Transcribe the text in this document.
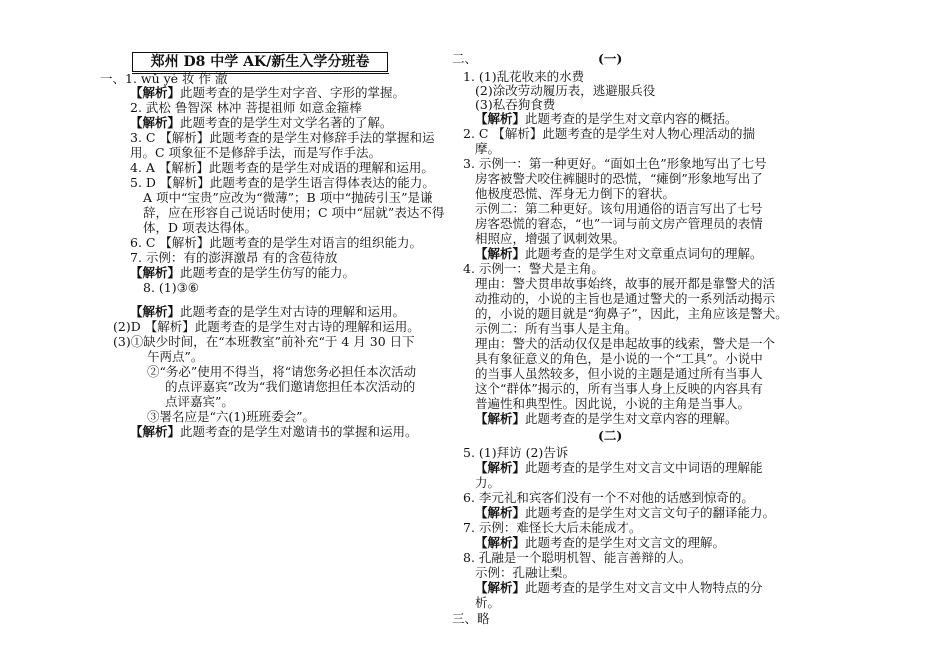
郑州 D8 中学 AK/新生入学分班卷
一、1. wǔ yè 妆 作 澈
【解析】此题考查的是学生对字音、字形的掌握。
2. 武松 鲁智深 林冲 菩提祖师 如意金箍棒
【解析】此题考查的是学生对文学名著的了解。
3. C 【解析】此题考查的是学生对修辞手法的掌握和运
用。C 项象征不是修辞手法，而是写作手法。
4. A 【解析】此题考查的是学生对成语的理解和运用。
5. D 【解析】此题考查的是学生语言得体表达的能力。
A 项中“宝贵”应改为“微薄”；B 项中“抛砖引玉”是谦
辞，应在形容自己说话时使用；C 项中“屈就”表达不得
体，D 项表达得体。
6. C 【解析】此题考查的是学生对语言的组织能力。
7. 示例：有的澎湃激昂 有的含苞待放
【解析】此题考查的是学生仿写的能力。
8. (1)③⑥
【解析】此题考查的是学生对古诗的理解和运用。
(2)D 【解析】此题考查的是学生对古诗的理解和运用。
(3)①缺少时间，在“本班教室”前补充“于 4 月 30 日下
午两点”。
②“务必”使用不得当，将“请您务必担任本次活动
的点评嘉宾”改为“我们邀请您担任本次活动的
点评嘉宾”。
③署名应是“六(1)班班委会”。
【解析】此题考查的是学生对邀请书的掌握和运用。
二、	(一)
1. (1)乱花收来的水费
(2)涂改劳动履历表，逃避服兵役
(3)私吞狗食费
【解析】此题考查的是学生对文章内容的概括。
2. C 【解析】此题考查的是学生对人物心理活动的揣
摩。
3. 示例一：第一种更好。“面如土色”形象地写出了七号
房客被警犬咬住裤腿时的恐慌，“瘫倒”形象地写出了
他极度恐慌、浑身无力倒下的窘状。
示例二：第二种更好。该句用通俗的语言写出了七号
房客恐慌的窘态，“也”一词与前文房产管理员的表情
相照应，增强了讽刺效果。
【解析】此题考查的是学生对文章重点词句的理解。
4. 示例一：警犬是主角。
理由：警犬贯串故事始终，故事的展开都是靠警犬的活
动推动的，小说的主旨也是通过警犬的一系列活动揭示
的，小说的题目就是“狗鼻子”，因此，主角应该是警犬。
示例二：所有当事人是主角。
理由：警犬的活动仅仅是串起故事的线索，警犬是一个
具有象征意义的角色，是小说的一个“工具”。小说中
的当事人虽然较多，但小说的主题是通过所有当事人
这个“群体”揭示的，所有当事人身上反映的内容具有
普遍性和典型性。因此说，小说的主角是当事人。
【解析】此题考查的是学生对文章内容的理解。
(二)
5. (1)拜访 (2)告诉
【解析】此题考查的是学生对文言文中词语的理解能
力。
6. 李元礼和宾客们没有一个不对他的话感到惊奇的。
【解析】此题考查的是学生对文言文句子的翻译能力。
7. 示例：难怪长大后未能成才。
【解析】此题考查的是学生对文言文的理解。
8. 孔融是一个聪明机智、能言善辩的人。
示例：孔融让梨。
【解析】此题考查的是学生对文言文中人物特点的分
析。
三、略
